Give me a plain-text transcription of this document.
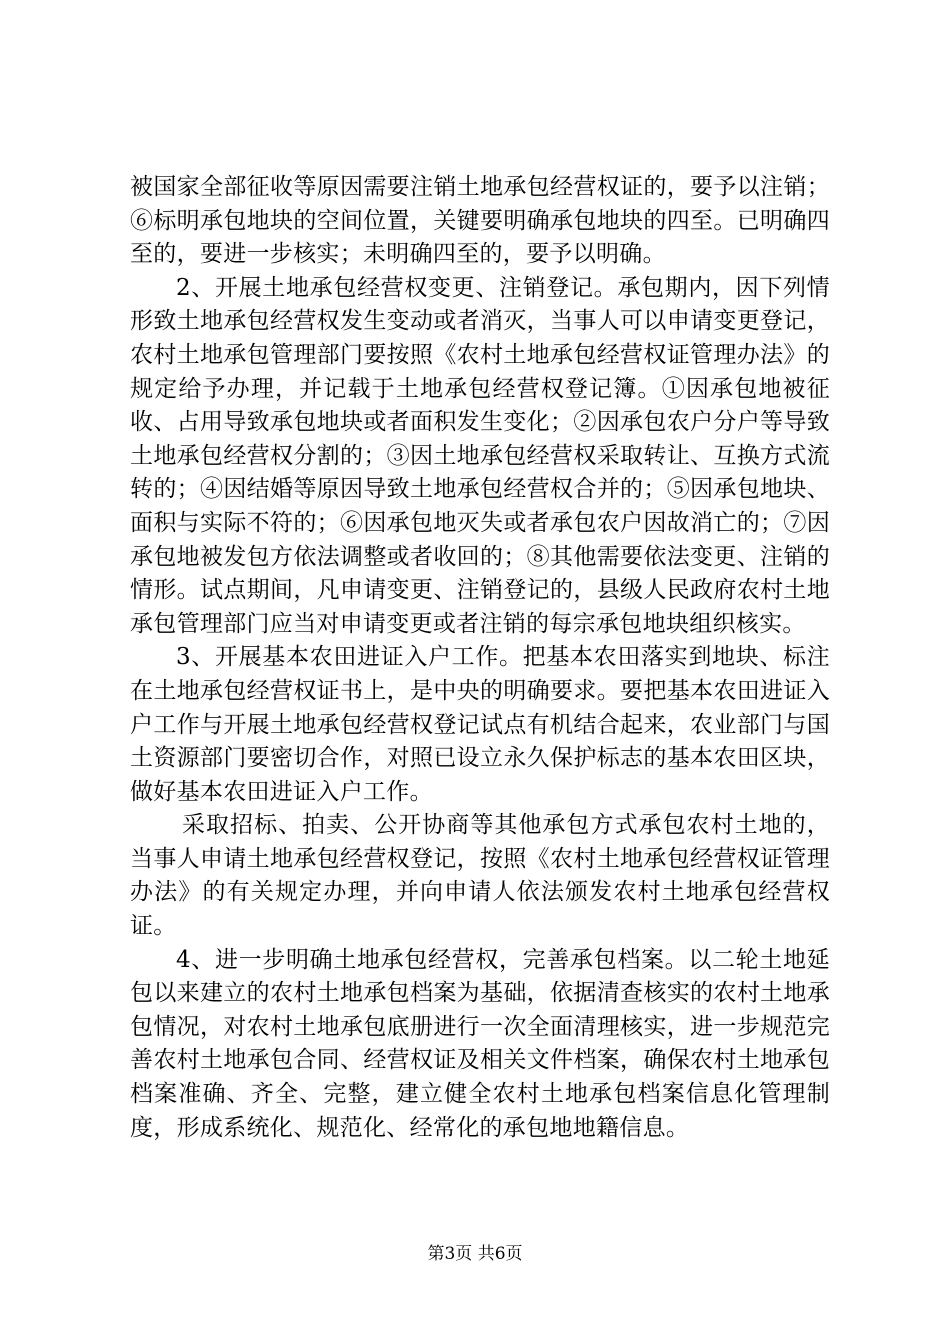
被国家全部征收等原因需要注销土地承包经营权证的，要予以注销；⑥标明承包地块的空间位置，关键要明确承包地块的四至。已明确四至的，要进一步核实；未明确四至的，要予以明确。

2、开展土地承包经营权变更、注销登记。承包期内，因下列情形致土地承包经营权发生变动或者消灭，当事人可以申请变更登记，农村土地承包管理部门要按照《农村土地承包经营权证管理办法》的规定给予办理，并记载于土地承包经营权登记簿。①因承包地被征收、占用导致承包地块或者面积发生变化；②因承包农户分户等导致土地承包经营权分割的；③因土地承包经营权采取转让、互换方式流转的；④因结婚等原因导致土地承包经营权合并的；⑤因承包地块、面积与实际不符的；⑥因承包地灭失或者承包农户因故消亡的；⑦因承包地被发包方依法调整或者收回的；⑧其他需要依法变更、注销的情形。试点期间，凡申请变更、注销登记的，县级人民政府农村土地承包管理部门应当对申请变更或者注销的每宗承包地块组织核实。

3、开展基本农田进证入户工作。把基本农田落实到地块、标注在土地承包经营权证书上，是中央的明确要求。要把基本农田进证入户工作与开展土地承包经营权登记试点有机结合起来，农业部门与国土资源部门要密切合作，对照已设立永久保护标志的基本农田区块，做好基本农田进证入户工作。

采取招标、拍卖、公开协商等其他承包方式承包农村土地的，当事人申请土地承包经营权登记，按照《农村土地承包经营权证管理办法》的有关规定办理，并向申请人依法颁发农村土地承包经营权证。

4、进一步明确土地承包经营权，完善承包档案。以二轮土地延包以来建立的农村土地承包档案为基础，依据清查核实的农村土地承包情况，对农村土地承包底册进行一次全面清理核实，进一步规范完善农村土地承包合同、经营权证及相关文件档案，确保农村土地承包档案准确、齐全、完整，建立健全农村土地承包档案信息化管理制度，形成系统化、规范化、经常化的承包地地籍信息。

第3页 共6页
